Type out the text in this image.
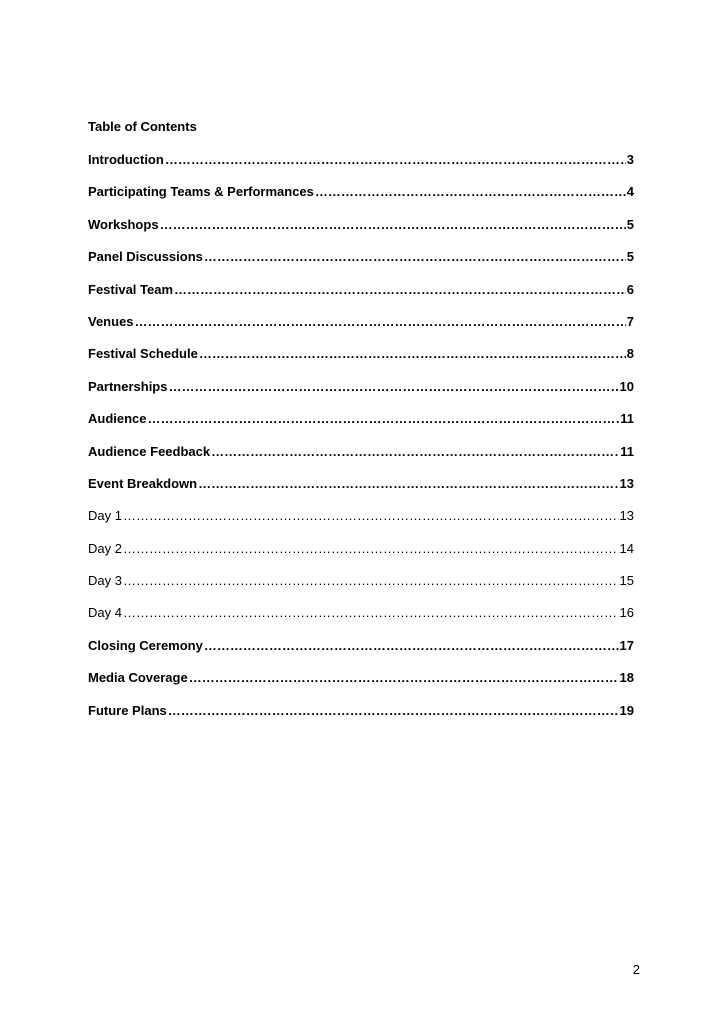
Table of Contents
Introduction …………………………………………………………………………………………………………………………………………………………	3
Participating Teams & Performances …………………………………………………………………………………………………………………………………………………………	4
Workshops …………………………………………………………………………………………………………………………………………………………	5
Panel Discussions …………………………………………………………………………………………………………………………………………………………	5
Festival Team …………………………………………………………………………………………………………………………………………………………	6
Venues …………………………………………………………………………………………………………………………………………………………	7
Festival Schedule …………………………………………………………………………………………………………………………………………………………	8
Partnerships …………………………………………………………………………………………………………………………………………………………	10
Audience …………………………………………………………………………………………………………………………………………………………	11
Audience Feedback …………………………………………………………………………………………………………………………………………………………	11
Event Breakdown …………………………………………………………………………………………………………………………………………………………	13
Day 1 …………………………………………………………………………………………………………………………………………………………	13
Day 2 …………………………………………………………………………………………………………………………………………………………	14
Day 3 …………………………………………………………………………………………………………………………………………………………	15
Day 4 …………………………………………………………………………………………………………………………………………………………	16
Closing Ceremony …………………………………………………………………………………………………………………………………………………………	17
Media Coverage …………………………………………………………………………………………………………………………………………………………	18
Future Plans …………………………………………………………………………………………………………………………………………………………	19
2
